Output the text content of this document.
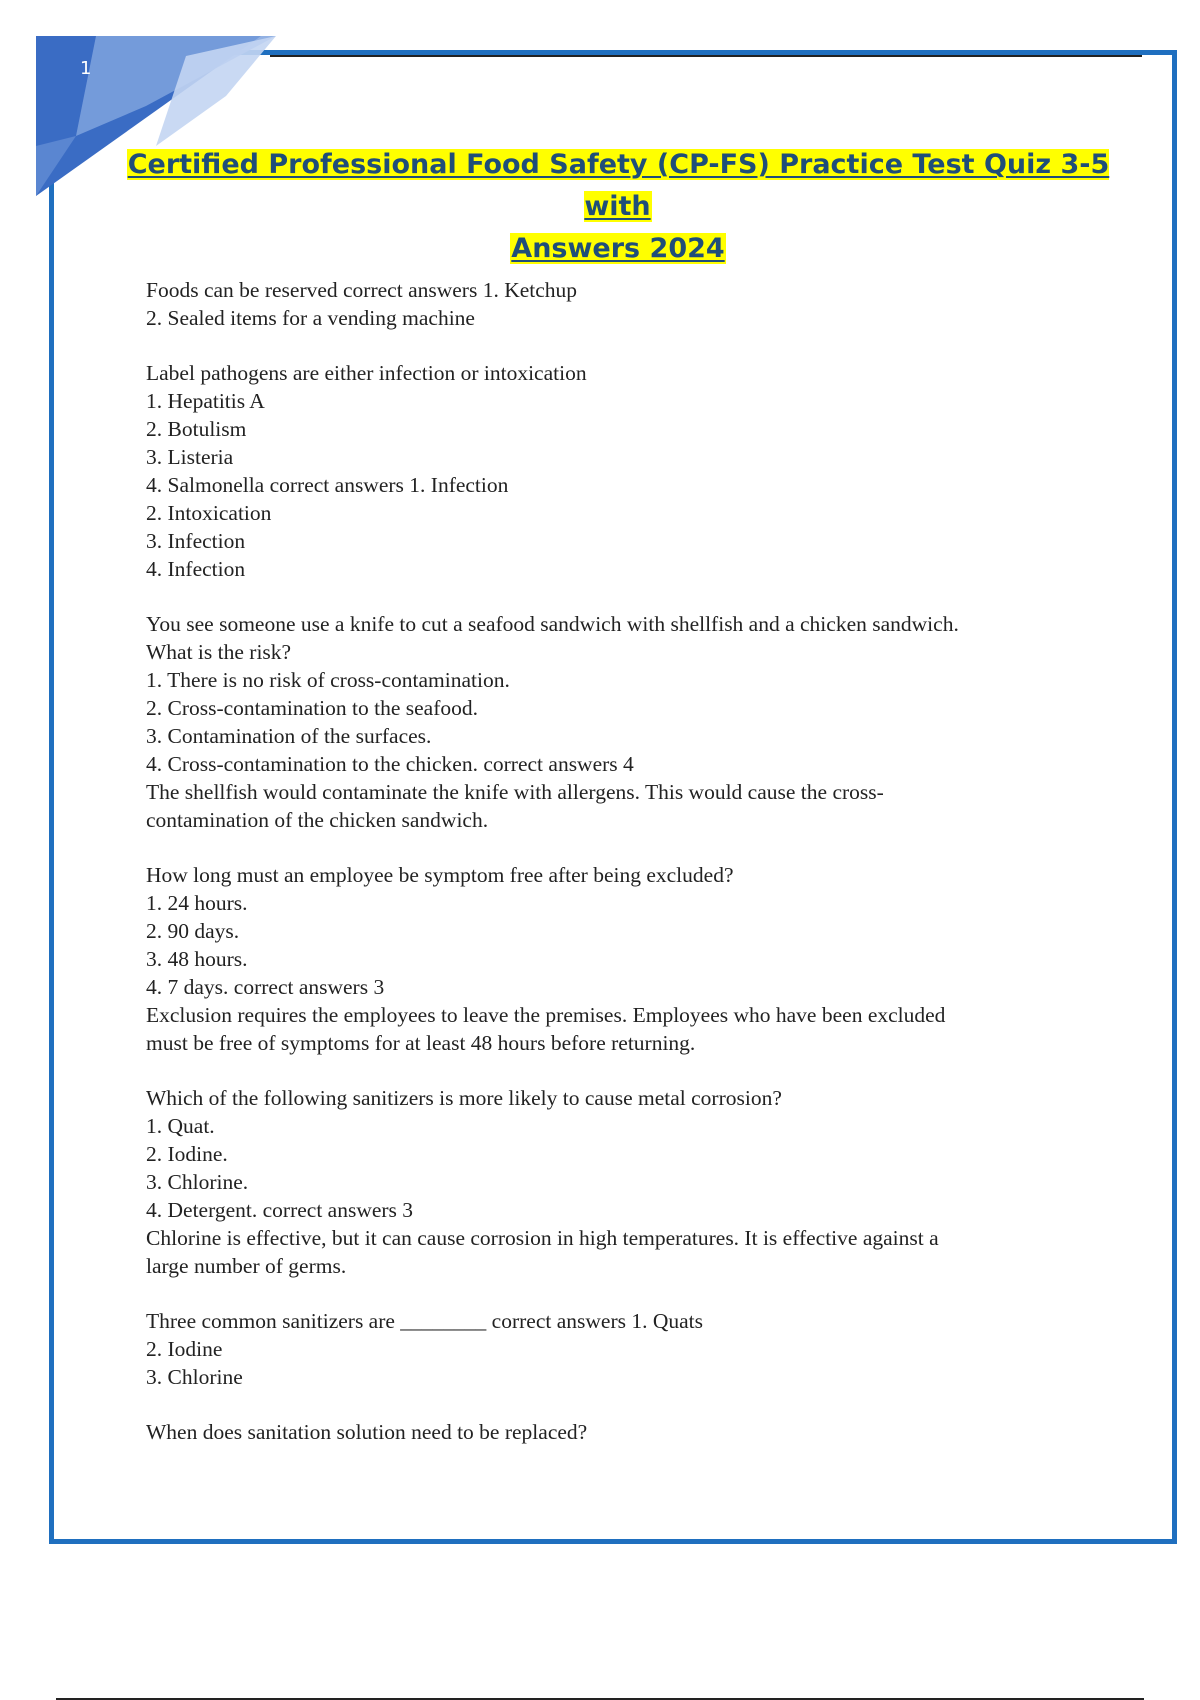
1
Certified Professional Food Safety (CP-FS) Practice Test Quiz 3-5 with
Answers 2024
Foods can be reserved correct answers 1. Ketchup
2. Sealed items for a vending machine
Label pathogens are either infection or intoxication
1. Hepatitis A
2. Botulism
3. Listeria
4. Salmonella correct answers 1. Infection
2. Intoxication
3. Infection
4. Infection
You see someone use a knife to cut a seafood sandwich with shellfish and a chicken sandwich.
What is the risk?
1. There is no risk of cross-contamination.
2. Cross-contamination to the seafood.
3. Contamination of the surfaces.
4. Cross-contamination to the chicken. correct answers 4
The shellfish would contaminate the knife with allergens. This would cause the cross-
contamination of the chicken sandwich.
How long must an employee be symptom free after being excluded?
1. 24 hours.
2. 90 days.
3. 48 hours.
4. 7 days. correct answers 3
Exclusion requires the employees to leave the premises. Employees who have been excluded
must be free of symptoms for at least 48 hours before returning.
Which of the following sanitizers is more likely to cause metal corrosion?
1. Quat.
2. Iodine.
3. Chlorine.
4. Detergent. correct answers 3
Chlorine is effective, but it can cause corrosion in high temperatures. It is effective against a
large number of germs.
Three common sanitizers are ________ correct answers 1. Quats
2. Iodine
3. Chlorine
When does sanitation solution need to be replaced?
